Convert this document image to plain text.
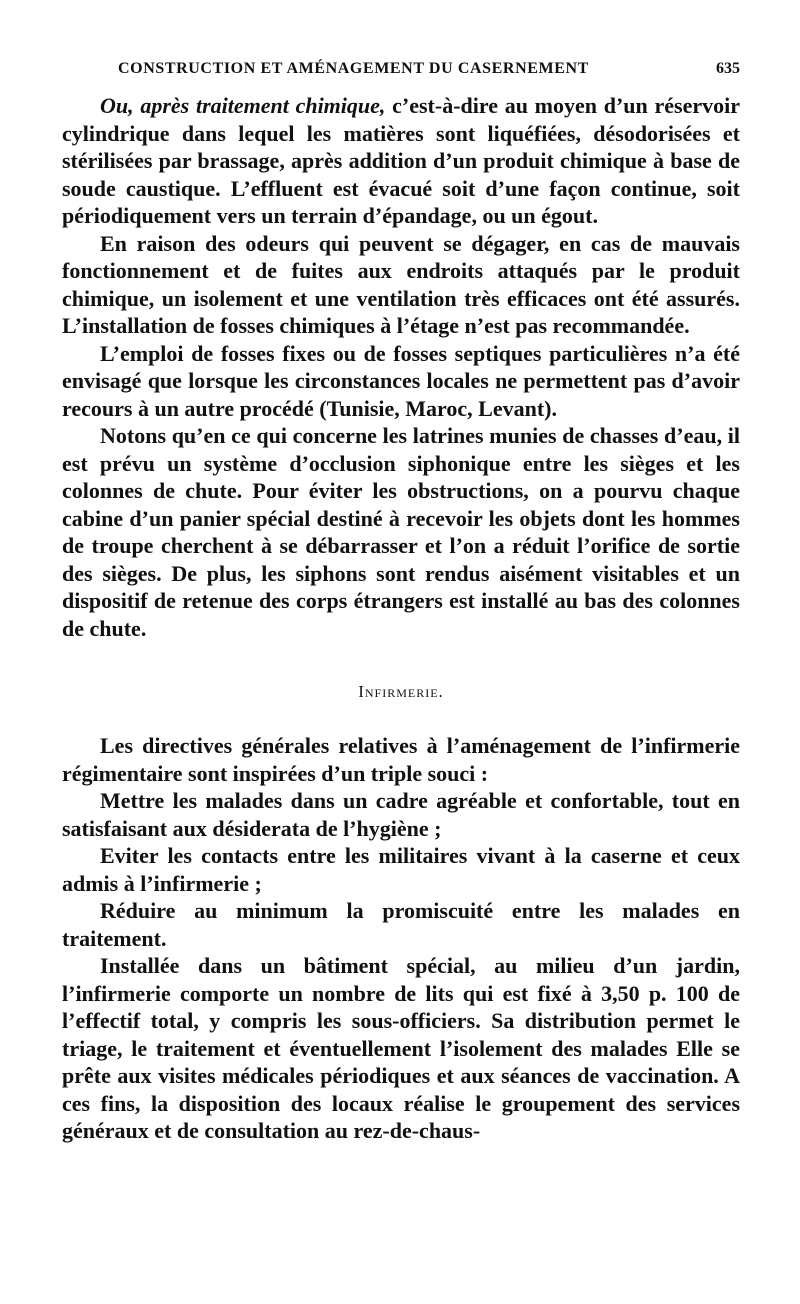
CONSTRUCTION ET AMÉNAGEMENT DU CASERNEMENT	635

Ou, après traitement chimique, c’est-à-dire au moyen d’un réservoir cylindrique dans lequel les matières sont liquéfiées, désodorisées et stérilisées par brassage, après addition d’un produit chimique à base de soude caustique. L’effluent est évacué soit d’une façon continue, soit périodiquement vers un terrain d’épandage, ou un égout.

En raison des odeurs qui peuvent se dégager, en cas de mauvais fonctionnement et de fuites aux endroits attaqués par le produit chimique, un isolement et une ventilation très efficaces ont été assurés. L’installation de fosses chimiques à l’étage n’est pas recommandée.

L’emploi de fosses fixes ou de fosses septiques particulières n’a été envisagé que lorsque les circonstances locales ne permettent pas d’avoir recours à un autre procédé (Tunisie, Maroc, Levant).

Notons qu’en ce qui concerne les latrines munies de chasses d’eau, il est prévu un système d’occlusion siphonique entre les sièges et les colonnes de chute. Pour éviter les obstructions, on a pourvu chaque cabine d’un panier spécial destiné à recevoir les objets dont les hommes de troupe cherchent à se débarrasser et l’on a réduit l’orifice de sortie des sièges. De plus, les siphons sont rendus aisément visitables et un dispositif de retenue des corps étrangers est installé au bas des colonnes de chute.

Infirmerie.

Les directives générales relatives à l’aménagement de l’infirmerie régimentaire sont inspirées d’un triple souci :

Mettre les malades dans un cadre agréable et confortable, tout en satisfaisant aux désiderata de l’hygiène ;

Eviter les contacts entre les militaires vivant à la caserne et ceux admis à l’infirmerie ;

Réduire au minimum la promiscuité entre les malades en traitement.

Installée dans un bâtiment spécial, au milieu d’un jardin, l’infirmerie comporte un nombre de lits qui est fixé à 3,50 p. 100 de l’effectif total, y compris les sous-officiers. Sa distribution permet le triage, le traitement et éventuellement l’isolement des malades Elle se prête aux visites médicales périodiques et aux séances de vaccination. A ces fins, la disposition des locaux réalise le groupement des services généraux et de consultation au rez-de-chaus-
